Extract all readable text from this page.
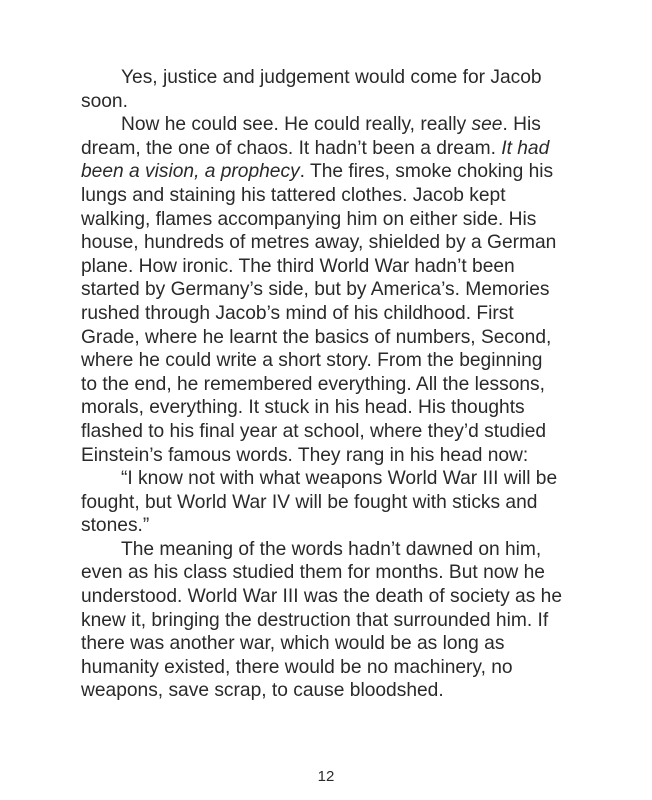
Yes, justice and judgement would come for Jacob soon.

Now he could see. He could really, really see. His dream, the one of chaos. It hadn’t been a dream. It had been a vision, a prophecy. The fires, smoke choking his lungs and staining his tattered clothes. Jacob kept walking, flames accompanying him on either side. His house, hundreds of metres away, shielded by a German plane. How ironic. The third World War hadn’t been started by Germany’s side, but by America’s. Memories rushed through Jacob’s mind of his childhood. First Grade, where he learnt the basics of numbers, Second, where he could write a short story. From the beginning to the end, he remembered everything. All the lessons, morals, everything. It stuck in his head. His thoughts flashed to his final year at school, where they’d studied Einstein’s famous words. They rang in his head now:

“I know not with what weapons World War III will be fought, but World War IV will be fought with sticks and stones.”

The meaning of the words hadn’t dawned on him, even as his class studied them for months. But now he understood. World War III was the death of society as he knew it, bringing the destruction that surrounded him. If there was another war, which would be as long as humanity existed, there would be no machinery, no weapons, save scrap, to cause bloodshed.

12
